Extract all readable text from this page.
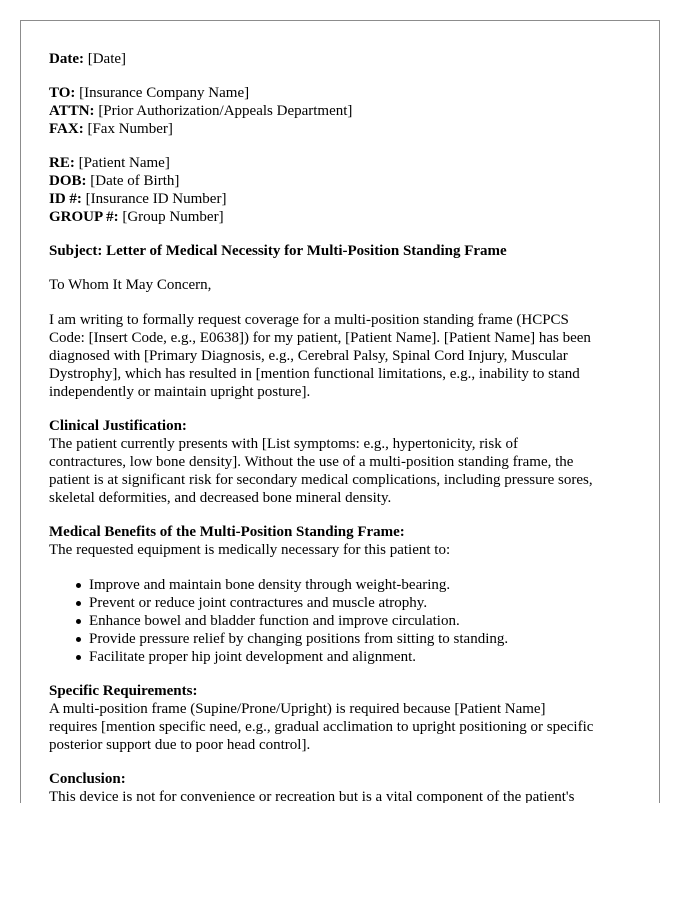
Date: [Date]
TO: [Insurance Company Name]
ATTN: [Prior Authorization/Appeals Department]
FAX: [Fax Number]
RE: [Patient Name]
DOB: [Date of Birth]
ID #: [Insurance ID Number]
GROUP #: [Group Number]
Subject: Letter of Medical Necessity for Multi-Position Standing Frame
To Whom It May Concern,
I am writing to formally request coverage for a multi-position standing frame (HCPCS
Code: [Insert Code, e.g., E0638]) for my patient, [Patient Name]. [Patient Name] has been
diagnosed with [Primary Diagnosis, e.g., Cerebral Palsy, Spinal Cord Injury, Muscular
Dystrophy], which has resulted in [mention functional limitations, e.g., inability to stand
independently or maintain upright posture].
Clinical Justification:
The patient currently presents with [List symptoms: e.g., hypertonicity, risk of
contractures, low bone density]. Without the use of a multi-position standing frame, the
patient is at significant risk for secondary medical complications, including pressure sores,
skeletal deformities, and decreased bone mineral density.
Medical Benefits of the Multi-Position Standing Frame:
The requested equipment is medically necessary for this patient to:
Improve and maintain bone density through weight-bearing.
Prevent or reduce joint contractures and muscle atrophy.
Enhance bowel and bladder function and improve circulation.
Provide pressure relief by changing positions from sitting to standing.
Facilitate proper hip joint development and alignment.
Specific Requirements:
A multi-position frame (Supine/Prone/Upright) is required because [Patient Name]
requires [mention specific need, e.g., gradual acclimation to upright positioning or specific
posterior support due to poor head control].
Conclusion:
This device is not for convenience or recreation but is a vital component of the patient's
